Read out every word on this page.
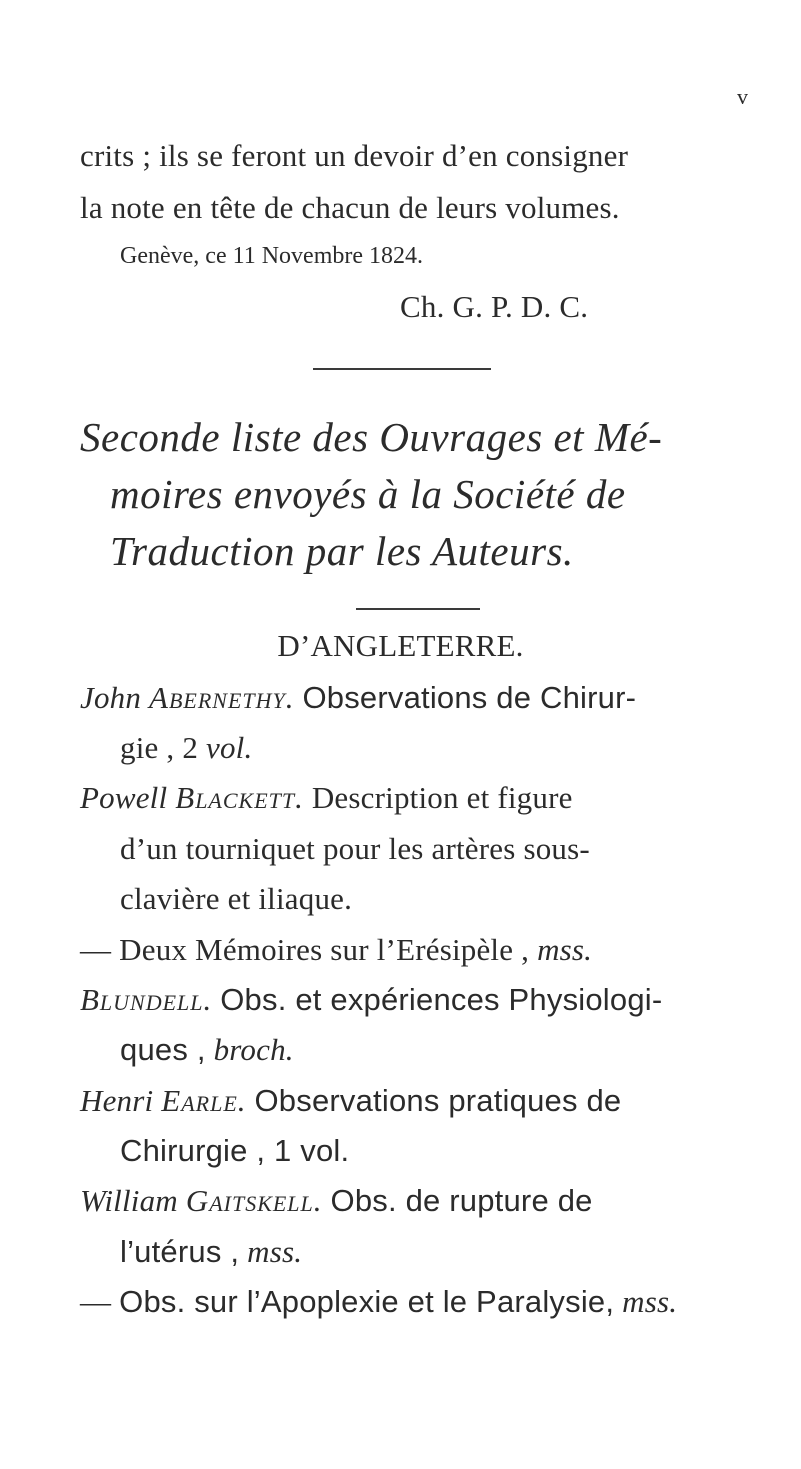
v
crits ; ils se feront un devoir d’en consigner
la note en tête de chacun de leurs volumes.
Genève, ce 11 Novembre 1824.
Ch. G. P. D. C.
Seconde liste des Ouvrages et Mé-
moires envoyés à la Société de
Traduction par les Auteurs.
D’ANGLETERRE.
John Abernethy. Observations de Chirur-
gie , 2 vol.
Powell Blackett. Description et figure
d’un tourniquet pour les artères sous-
clavière et iliaque.
— Deux Mémoires sur l’Erésipèle , mss.
Blundell. Obs. et expériences Physiologi-
ques , broch.
Henri Earle. Observations pratiques de
Chirurgie , 1 vol.
William Gaitskell. Obs. de rupture de
l’utérus , mss.
— Obs. sur l’Apoplexie et le Paralysie, mss.
